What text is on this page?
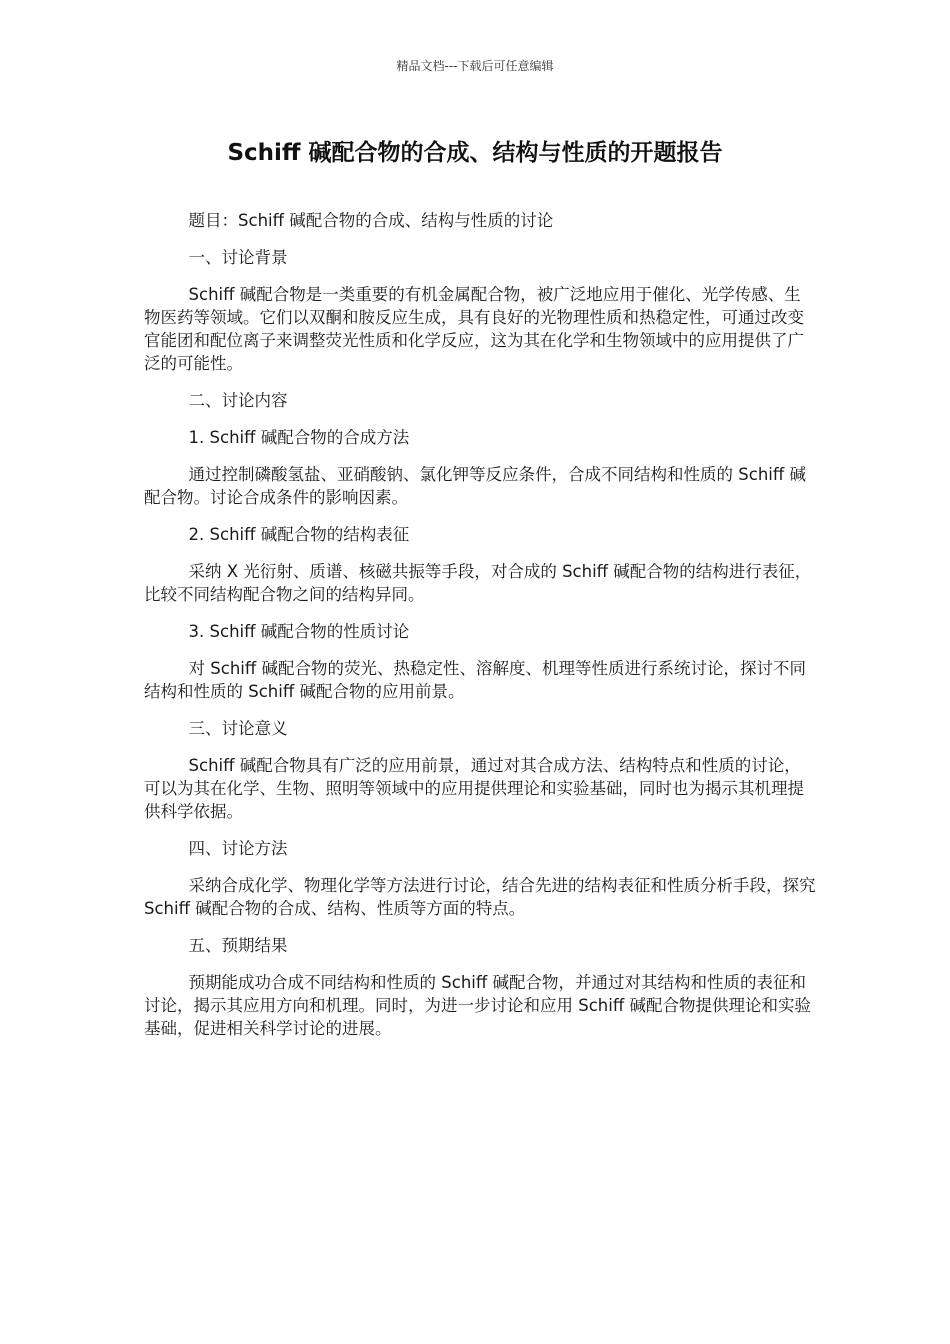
精品文档---下载后可任意编辑
Schiff 碱配合物的合成、结构与性质的开题报告

题目：Schiff 碱配合物的合成、结构与性质的讨论

一、讨论背景

Schiff 碱配合物是一类重要的有机金属配合物，被广泛地应用于催化、光学传感、生物医药等领域。它们以双酮和胺反应生成，具有良好的光物理性质和热稳定性，可通过改变官能团和配位离子来调整荧光性质和化学反应，这为其在化学和生物领域中的应用提供了广泛的可能性。

二、讨论内容

1. Schiff 碱配合物的合成方法

通过控制磷酸氢盐、亚硝酸钠、氯化钾等反应条件，合成不同结构和性质的 Schiff 碱配合物。讨论合成条件的影响因素。

2. Schiff 碱配合物的结构表征

采纳 X 光衍射、质谱、核磁共振等手段，对合成的 Schiff 碱配合物的结构进行表征，比较不同结构配合物之间的结构异同。

3. Schiff 碱配合物的性质讨论

对 Schiff 碱配合物的荧光、热稳定性、溶解度、机理等性质进行系统讨论，探讨不同结构和性质的 Schiff 碱配合物的应用前景。

三、讨论意义

Schiff 碱配合物具有广泛的应用前景，通过对其合成方法、结构特点和性质的讨论，可以为其在化学、生物、照明等领域中的应用提供理论和实验基础，同时也为揭示其机理提供科学依据。

四、讨论方法

采纳合成化学、物理化学等方法进行讨论，结合先进的结构表征和性质分析手段，探究 Schiff 碱配合物的合成、结构、性质等方面的特点。

五、预期结果

预期能成功合成不同结构和性质的 Schiff 碱配合物，并通过对其结构和性质的表征和讨论，揭示其应用方向和机理。同时，为进一步讨论和应用 Schiff 碱配合物提供理论和实验基础，促进相关科学讨论的进展。
